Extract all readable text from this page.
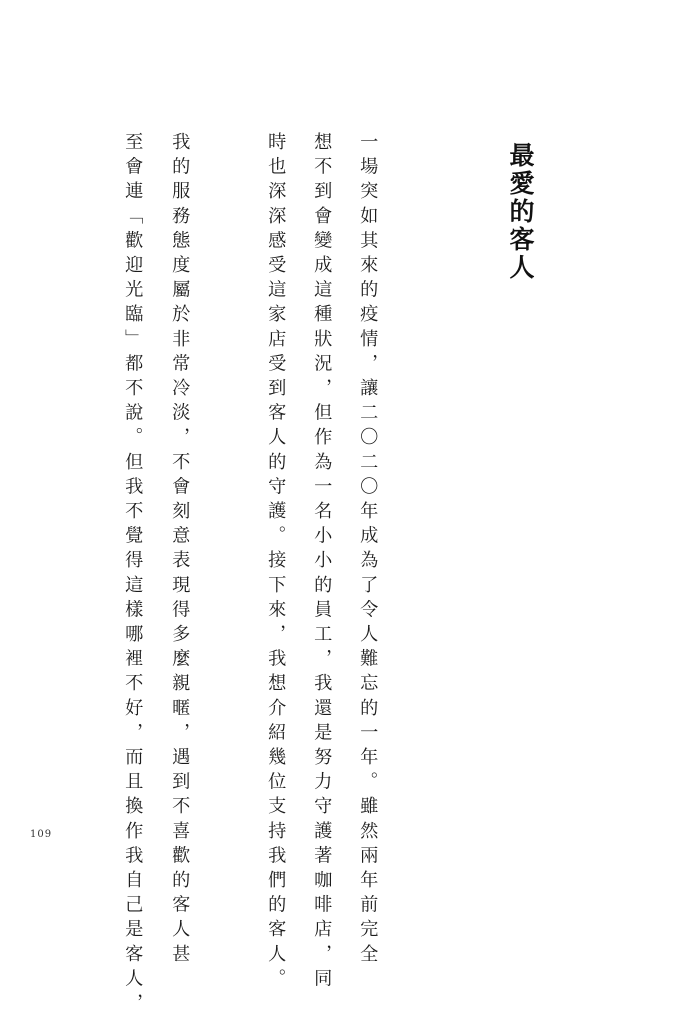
最愛的客人
一場突如其來的疫情，讓二〇二〇年成為了令人難忘的一年。雖然兩年前完全
想不到會變成這種狀況，但作為一名小小的員工，我還是努力守護著咖啡店，同
時也深深感受這家店受到客人的守護。接下來，我想介紹幾位支持我們的客人。
我的服務態度屬於非常冷淡，不會刻意表現得多麼親暱，遇到不喜歡的客人甚
至會連「歡迎光臨」都不說。但我不覺得這樣哪裡不好，而且換作我自己是客人，
109
